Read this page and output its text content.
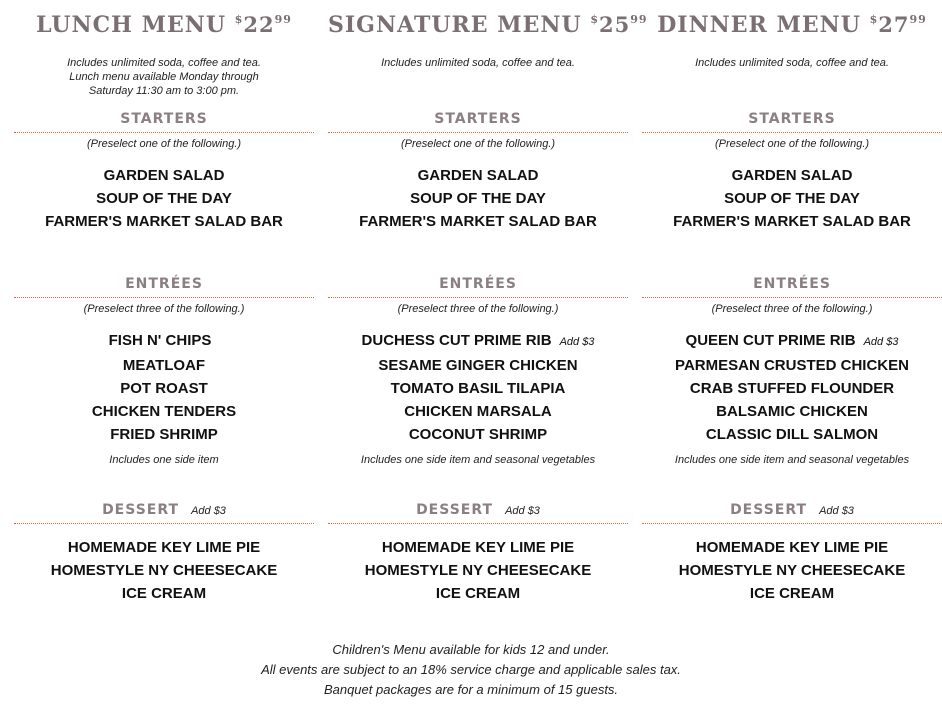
LUNCH MENU $^{\$}22^{99}$
Includes unlimited soda, coffee and tea.
Lunch menu available Monday through Saturday 11:30 am to 3:00 pm.
STARTERS
(Preselect one of the following.)
GARDEN SALAD
SOUP OF THE DAY
FARMER'S MARKET SALAD BAR
ENTRÉES
(Preselect three of the following.)
FISH N' CHIPS
MEATLOAF
POT ROAST
CHICKEN TENDERS
FRIED SHRIMP
Includes one side item
DESSERT Add $3
HOMEMADE KEY LIME PIE
HOMESTYLE NY CHEESECAKE
ICE CREAM
SIGNATURE MENU $^{\$}25^{99}$
Includes unlimited soda, coffee and tea.
STARTERS
(Preselect one of the following.)
GARDEN SALAD
SOUP OF THE DAY
FARMER'S MARKET SALAD BAR
ENTRÉES
(Preselect three of the following.)
DUCHESS CUT PRIME RIB Add $3
SESAME GINGER CHICKEN
TOMATO BASIL TILAPIA
CHICKEN MARSALA
COCONUT SHRIMP
Includes one side item and seasonal vegetables
DESSERT Add $3
HOMEMADE KEY LIME PIE
HOMESTYLE NY CHEESECAKE
ICE CREAM
DINNER MENU $^{\$}27^{99}$
Includes unlimited soda, coffee and tea.
STARTERS
(Preselect one of the following.)
GARDEN SALAD
SOUP OF THE DAY
FARMER'S MARKET SALAD BAR
ENTRÉES
(Preselect three of the following.)
QUEEN CUT PRIME RIB Add $3
PARMESAN CRUSTED CHICKEN
CRAB STUFFED FLOUNDER
BALSAMIC CHICKEN
CLASSIC DILL SALMON
Includes one side item and seasonal vegetables
DESSERT Add $3
HOMEMADE KEY LIME PIE
HOMESTYLE NY CHEESECAKE
ICE CREAM
Children's Menu available for kids 12 and under.
All events are subject to an 18% service charge and applicable sales tax.
Banquet packages are for a minimum of 15 guests.
